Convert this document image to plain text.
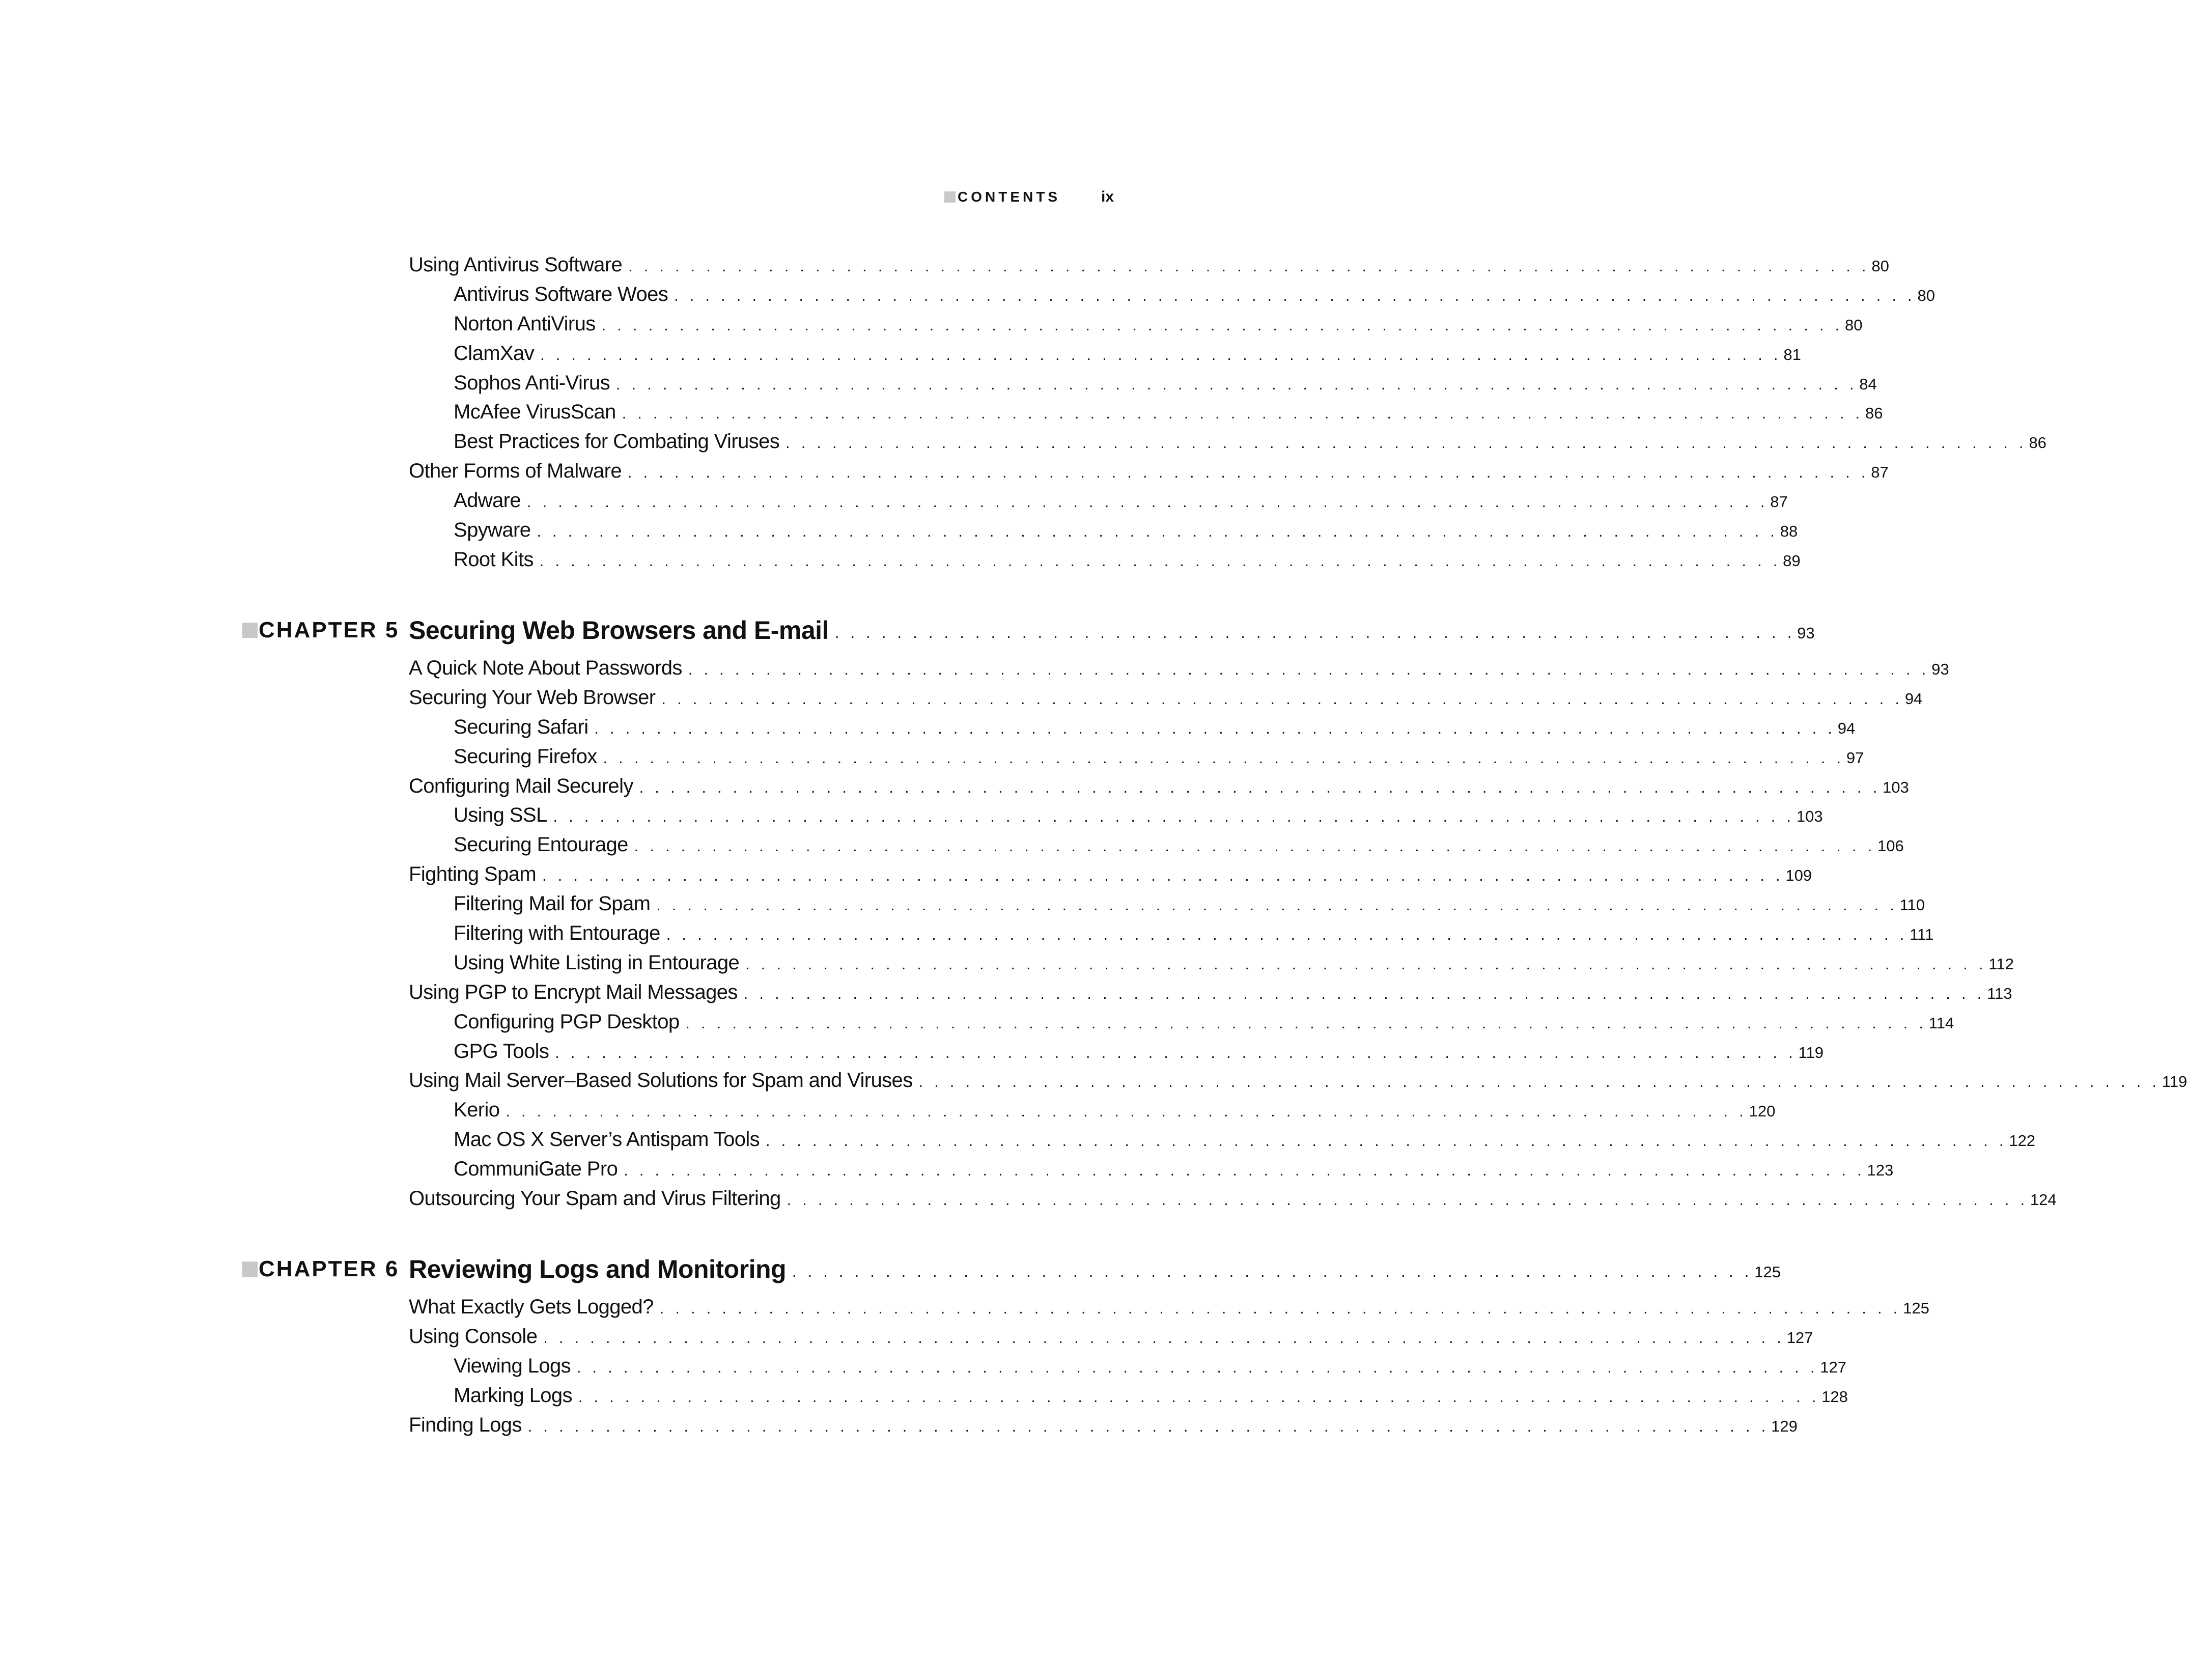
CONTENTS	ix
Using Antivirus Software . . . . . . . . . . . . . . . . . . . . . . . . . . . . . . . . . . . . . . . . . . . . . . . . . . . . . . . . . . . . . . . . . . . . . . . . . . . . . . . . 80
Antivirus Software Woes . . . . . . . . . . . . . . . . . . . . . . . . . . . . . . . . . . . . . . . . . . . . . . . . . . . . . . . . . . . . . . . . . . . . . . . . . . . . . . . . 80
Norton AntiVirus . . . . . . . . . . . . . . . . . . . . . . . . . . . . . . . . . . . . . . . . . . . . . . . . . . . . . . . . . . . . . . . . . . . . . . . . . . . . . . . . 80
ClamXav . . . . . . . . . . . . . . . . . . . . . . . . . . . . . . . . . . . . . . . . . . . . . . . . . . . . . . . . . . . . . . . . . . . . . . . . . . . . . . . . 81
Sophos Anti-Virus . . . . . . . . . . . . . . . . . . . . . . . . . . . . . . . . . . . . . . . . . . . . . . . . . . . . . . . . . . . . . . . . . . . . . . . . . . . . . . . . 84
McAfee VirusScan . . . . . . . . . . . . . . . . . . . . . . . . . . . . . . . . . . . . . . . . . . . . . . . . . . . . . . . . . . . . . . . . . . . . . . . . . . . . . . . . 86
Best Practices for Combating Viruses . . . . . . . . . . . . . . . . . . . . . . . . . . . . . . . . . . . . . . . . . . . . . . . . . . . . . . . . . . . . . . . . . . . . . . . . . . . . . . . . 86
Other Forms of Malware . . . . . . . . . . . . . . . . . . . . . . . . . . . . . . . . . . . . . . . . . . . . . . . . . . . . . . . . . . . . . . . . . . . . . . . . . . . . . . . . 87
Adware . . . . . . . . . . . . . . . . . . . . . . . . . . . . . . . . . . . . . . . . . . . . . . . . . . . . . . . . . . . . . . . . . . . . . . . . . . . . . . . . 87
Spyware . . . . . . . . . . . . . . . . . . . . . . . . . . . . . . . . . . . . . . . . . . . . . . . . . . . . . . . . . . . . . . . . . . . . . . . . . . . . . . . . 88
Root Kits . . . . . . . . . . . . . . . . . . . . . . . . . . . . . . . . . . . . . . . . . . . . . . . . . . . . . . . . . . . . . . . . . . . . . . . . . . . . . . . . 89
CHAPTER 5 Securing Web Browsers and E-mail . . . . . . . . . . . . . . . . . . . . . . . . . . . . . . . . . . . . . . . . . . . . . . . . . . . . . . . . . . . . . . 93
A Quick Note About Passwords . . . . . . . . . . . . . . . . . . . . . . . . . . . . . . . . . . . . . . . . . . . . . . . . . . . . . . . . . . . . . . . . . . . . . . . . . . . . . . . . 93
Securing Your Web Browser . . . . . . . . . . . . . . . . . . . . . . . . . . . . . . . . . . . . . . . . . . . . . . . . . . . . . . . . . . . . . . . . . . . . . . . . . . . . . . . . 94
Securing Safari . . . . . . . . . . . . . . . . . . . . . . . . . . . . . . . . . . . . . . . . . . . . . . . . . . . . . . . . . . . . . . . . . . . . . . . . . . . . . . . . 94
Securing Firefox . . . . . . . . . . . . . . . . . . . . . . . . . . . . . . . . . . . . . . . . . . . . . . . . . . . . . . . . . . . . . . . . . . . . . . . . . . . . . . . . 97
Configuring Mail Securely . . . . . . . . . . . . . . . . . . . . . . . . . . . . . . . . . . . . . . . . . . . . . . . . . . . . . . . . . . . . . . . . . . . . . . . . . . . . . . . . 103
Using SSL . . . . . . . . . . . . . . . . . . . . . . . . . . . . . . . . . . . . . . . . . . . . . . . . . . . . . . . . . . . . . . . . . . . . . . . . . . . . . . . . 103
Securing Entourage . . . . . . . . . . . . . . . . . . . . . . . . . . . . . . . . . . . . . . . . . . . . . . . . . . . . . . . . . . . . . . . . . . . . . . . . . . . . . . . . 106
Fighting Spam . . . . . . . . . . . . . . . . . . . . . . . . . . . . . . . . . . . . . . . . . . . . . . . . . . . . . . . . . . . . . . . . . . . . . . . . . . . . . . . . 109
Filtering Mail for Spam . . . . . . . . . . . . . . . . . . . . . . . . . . . . . . . . . . . . . . . . . . . . . . . . . . . . . . . . . . . . . . . . . . . . . . . . . . . . . . . . 110
Filtering with Entourage . . . . . . . . . . . . . . . . . . . . . . . . . . . . . . . . . . . . . . . . . . . . . . . . . . . . . . . . . . . . . . . . . . . . . . . . . . . . . . . . 111
Using White Listing in Entourage . . . . . . . . . . . . . . . . . . . . . . . . . . . . . . . . . . . . . . . . . . . . . . . . . . . . . . . . . . . . . . . . . . . . . . . . . . . . . . . . 112
Using PGP to Encrypt Mail Messages . . . . . . . . . . . . . . . . . . . . . . . . . . . . . . . . . . . . . . . . . . . . . . . . . . . . . . . . . . . . . . . . . . . . . . . . . . . . . . . . 113
Configuring PGP Desktop . . . . . . . . . . . . . . . . . . . . . . . . . . . . . . . . . . . . . . . . . . . . . . . . . . . . . . . . . . . . . . . . . . . . . . . . . . . . . . . . 114
GPG Tools . . . . . . . . . . . . . . . . . . . . . . . . . . . . . . . . . . . . . . . . . . . . . . . . . . . . . . . . . . . . . . . . . . . . . . . . . . . . . . . . 119
Using Mail Server–Based Solutions for Spam and Viruses . . . . . . . . . . . . . . . . . . . . . . . . . . . . . . . . . . . . . . . . . . . . . . . . . . . . . . . . . . . . . . . . . . . . . . . . . . . . . . . . 119
Kerio . . . . . . . . . . . . . . . . . . . . . . . . . . . . . . . . . . . . . . . . . . . . . . . . . . . . . . . . . . . . . . . . . . . . . . . . . . . . . . . . 120
Mac OS X Server’s Antispam Tools . . . . . . . . . . . . . . . . . . . . . . . . . . . . . . . . . . . . . . . . . . . . . . . . . . . . . . . . . . . . . . . . . . . . . . . . . . . . . . . . 122
CommuniGate Pro . . . . . . . . . . . . . . . . . . . . . . . . . . . . . . . . . . . . . . . . . . . . . . . . . . . . . . . . . . . . . . . . . . . . . . . . . . . . . . . . 123
Outsourcing Your Spam and Virus Filtering . . . . . . . . . . . . . . . . . . . . . . . . . . . . . . . . . . . . . . . . . . . . . . . . . . . . . . . . . . . . . . . . . . . . . . . . . . . . . . . . 124
CHAPTER 6 Reviewing Logs and Monitoring . . . . . . . . . . . . . . . . . . . . . . . . . . . . . . . . . . . . . . . . . . . . . . . . . . . . . . . . . . . . . . 125
What Exactly Gets Logged? . . . . . . . . . . . . . . . . . . . . . . . . . . . . . . . . . . . . . . . . . . . . . . . . . . . . . . . . . . . . . . . . . . . . . . . . . . . . . . . . 125
Using Console . . . . . . . . . . . . . . . . . . . . . . . . . . . . . . . . . . . . . . . . . . . . . . . . . . . . . . . . . . . . . . . . . . . . . . . . . . . . . . . . 127
Viewing Logs . . . . . . . . . . . . . . . . . . . . . . . . . . . . . . . . . . . . . . . . . . . . . . . . . . . . . . . . . . . . . . . . . . . . . . . . . . . . . . . . 127
Marking Logs . . . . . . . . . . . . . . . . . . . . . . . . . . . . . . . . . . . . . . . . . . . . . . . . . . . . . . . . . . . . . . . . . . . . . . . . . . . . . . . . 128
Finding Logs . . . . . . . . . . . . . . . . . . . . . . . . . . . . . . . . . . . . . . . . . . . . . . . . . . . . . . . . . . . . . . . . . . . . . . . . . . . . . . . . 129
